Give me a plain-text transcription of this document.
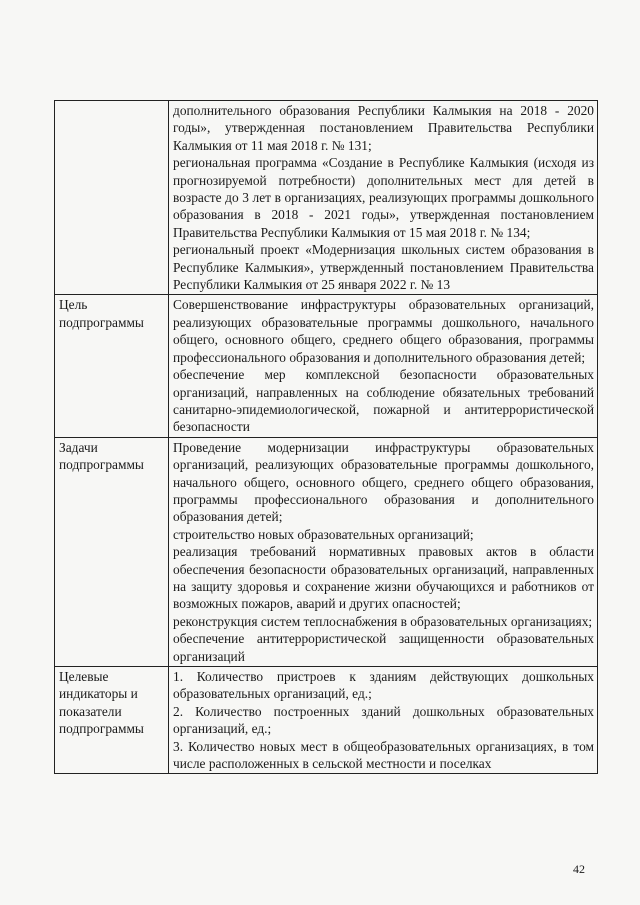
	дополнительного образования Республики Калмыкия на 2018 - 2020 годы», утвержденная постановлением Правительства Республики Калмыкия от 11 мая 2018 г. № 131;

региональная программа «Создание в Республике Калмыкия (исходя из прогнозируемой потребности) дополнительных мест для детей в возрасте до 3 лет в организациях, реализующих программы дошкольного образования в 2018 - 2021 годы», утвержденная постановлением Правительства Республики Калмыкия от 15 мая 2018 г. № 134;

региональный проект «Модернизация школьных систем образования в Республике Калмыкия», утвержденный постановлением Правительства Республики Калмыкия от 25 января 2022 г. № 13

Цель подпрограммы	Совершенствование инфраструктуры образовательных организаций, реализующих образовательные программы дошкольного, начального общего, основного общего, среднего общего образования, программы профессионального образования и дополнительного образования детей;

обеспечение мер комплексной безопасности образовательных организаций, направленных на соблюдение обязательных требований санитарно-эпидемиологической, пожарной и антитеррористической безопасности

Задачи подпрограммы	Проведение модернизации инфраструктуры образовательных организаций, реализующих образовательные программы дошкольного, начального общего, основного общего, среднего общего образования, программы профессионального образования и дополнительного образования детей;

строительство новых образовательных организаций;

реализация требований нормативных правовых актов в области обеспечения безопасности образовательных организаций, направленных на защиту здоровья и сохранение жизни обучающихся и работников от возможных пожаров, аварий и других опасностей;

реконструкция систем теплоснабжения в образовательных организациях;

обеспечение антитеррористической защищенности образовательных организаций

Целевые индикаторы и показатели подпрограммы	1. Количество пристроев к зданиям действующих дошкольных образовательных организаций, ед.;

2. Количество построенных зданий дошкольных образовательных организаций, ед.;

3. Количество новых мест в общеобразовательных организациях, в том числе расположенных в сельской местности и поселках

42
